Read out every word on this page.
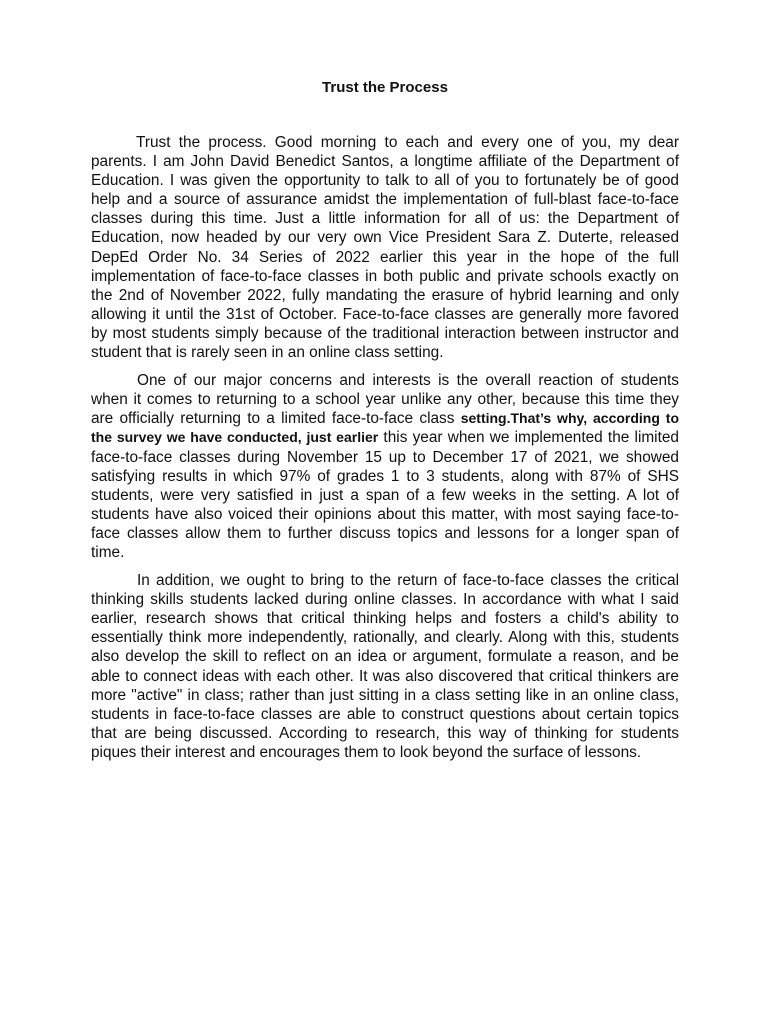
Trust the Process

Trust the process. Good morning to each and every one of you, my dear parents. I am John David Benedict Santos, a longtime affiliate of the Department of Education. I was given the opportunity to talk to all of you to fortunately be of good help and a source of assurance amidst the implementation of full-blast face-to-face classes during this time. Just a little information for all of us: the Department of Education, now headed by our very own Vice President Sara Z. Duterte, released DepEd Order No. 34 Series of 2022 earlier this year in the hope of the full implementation of face-to-face classes in both public and private schools exactly on the 2nd of November 2022, fully mandating the erasure of hybrid learning and only allowing it until the 31st of October. Face-to-face classes are generally more favored by most students simply because of the traditional interaction between instructor and student that is rarely seen in an online class setting.

One of our major concerns and interests is the overall reaction of students when it comes to returning to a school year unlike any other, because this time they are officially returning to a limited face-to-face class setting.That’s why, according to the survey we have conducted, just earlier this year when we implemented the limited face-to-face classes during November 15 up to December 17 of 2021, we showed satisfying results in which 97% of grades 1 to 3 students, along with 87% of SHS students, were very satisfied in just a span of a few weeks in the setting. A lot of students have also voiced their opinions about this matter, with most saying face-to-face classes allow them to further discuss topics and lessons for a longer span of time.

In addition, we ought to bring to the return of face-to-face classes the critical thinking skills students lacked during online classes. In accordance with what I said earlier, research shows that critical thinking helps and fosters a child's ability to essentially think more independently, rationally, and clearly. Along with this, students also develop the skill to reflect on an idea or argument, formulate a reason, and be able to connect ideas with each other. It was also discovered that critical thinkers are more "active" in class; rather than just sitting in a class setting like in an online class, students in face-to-face classes are able to construct questions about certain topics that are being discussed. According to research, this way of thinking for students piques their interest and encourages them to look beyond the surface of lessons.
